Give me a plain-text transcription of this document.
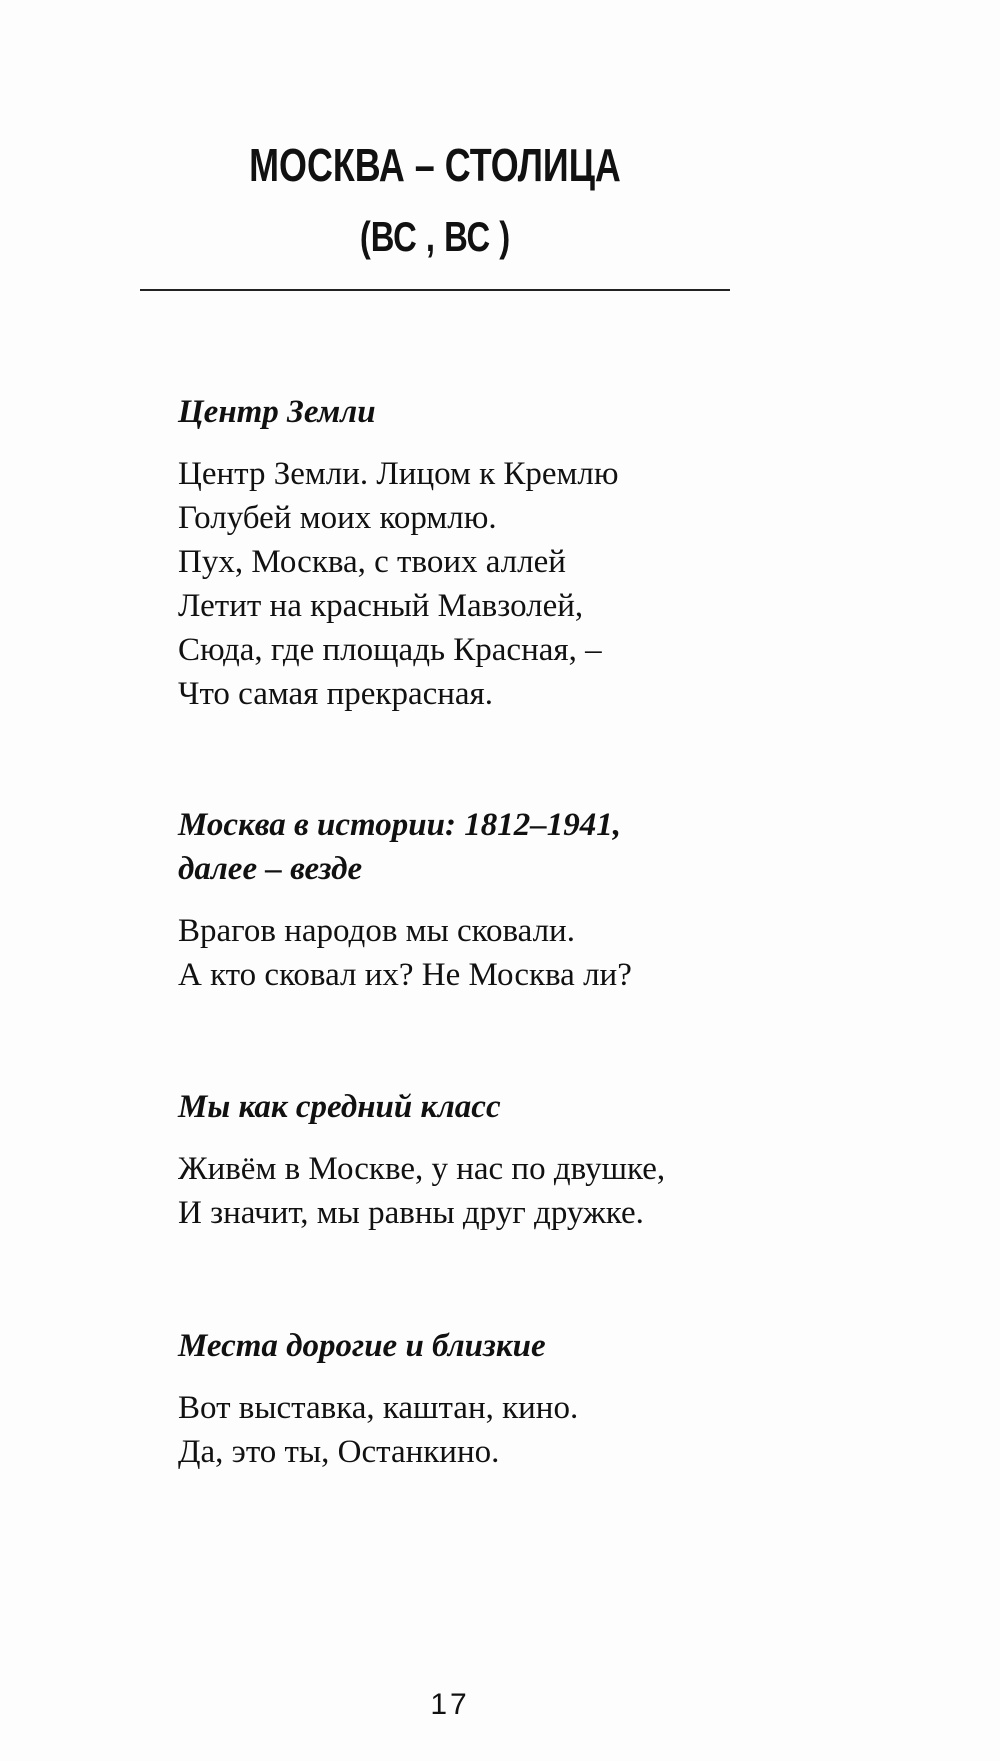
МОСКВА – СТОЛИЦА
(ВС , ВС )
Центр Земли
Центр Земли. Лицом к Кремлю
Голубей моих кормлю.
Пух, Москва, с твоих аллей
Летит на красный Мавзолей,
Сюда, где площадь Красная, –
Что самая прекрасная.
Москва в истории: 1812–1941,
далее – везде
Врагов народов мы сковали.
А кто сковал их? Не Москва ли?
Мы как средний класс
Живём в Москве, у нас по двушке,
И значит, мы равны друг дружке.
Места дорогие и близкие
Вот выставка, каштан, кино.
Да, это ты, Останкино.
17
